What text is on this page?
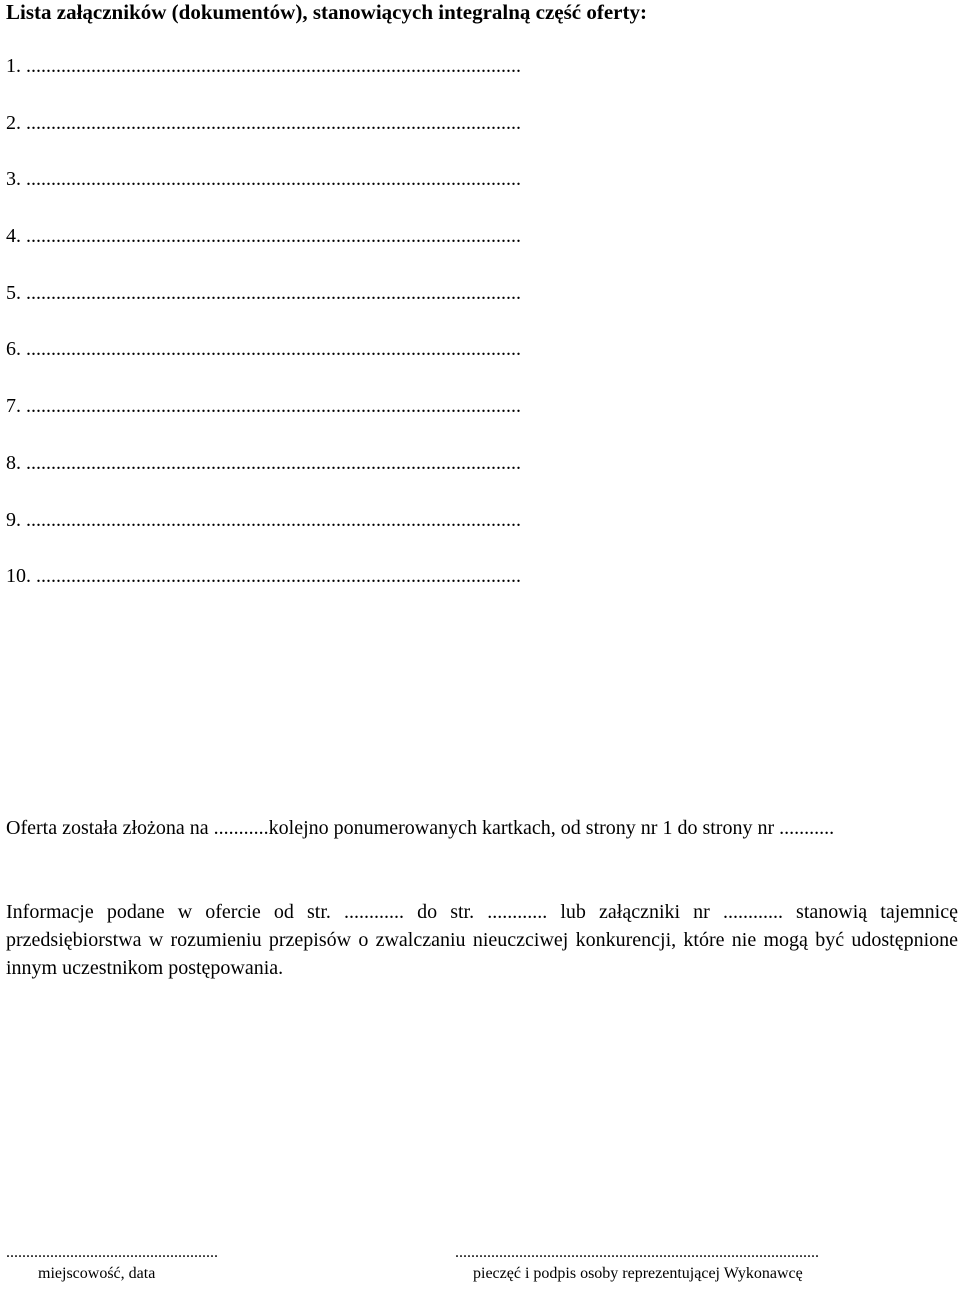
Lista załączników (dokumentów), stanowiących integralną część oferty:
1. ...................................................................................................
2. ...................................................................................................
3. ...................................................................................................
4. ...................................................................................................
5. ...................................................................................................
6. ...................................................................................................
7. ...................................................................................................
8. ...................................................................................................
9. ...................................................................................................
10. .................................................................................................

Oferta została złożona na ...........kolejno ponumerowanych kartkach, od strony nr 1 do strony nr ...........

Informacje podane w ofercie od str. ............ do str. ............ lub załączniki nr ............ stanowią tajemnicę przedsiębiorstwa w rozumieniu przepisów o zwalczaniu nieuczciwej konkurencji, które nie mogą być udostępnione innym uczestnikom postępowania.

.....................................................
miejscowość, data
...........................................................................................
pieczęć i podpis osoby reprezentującej Wykonawcę
